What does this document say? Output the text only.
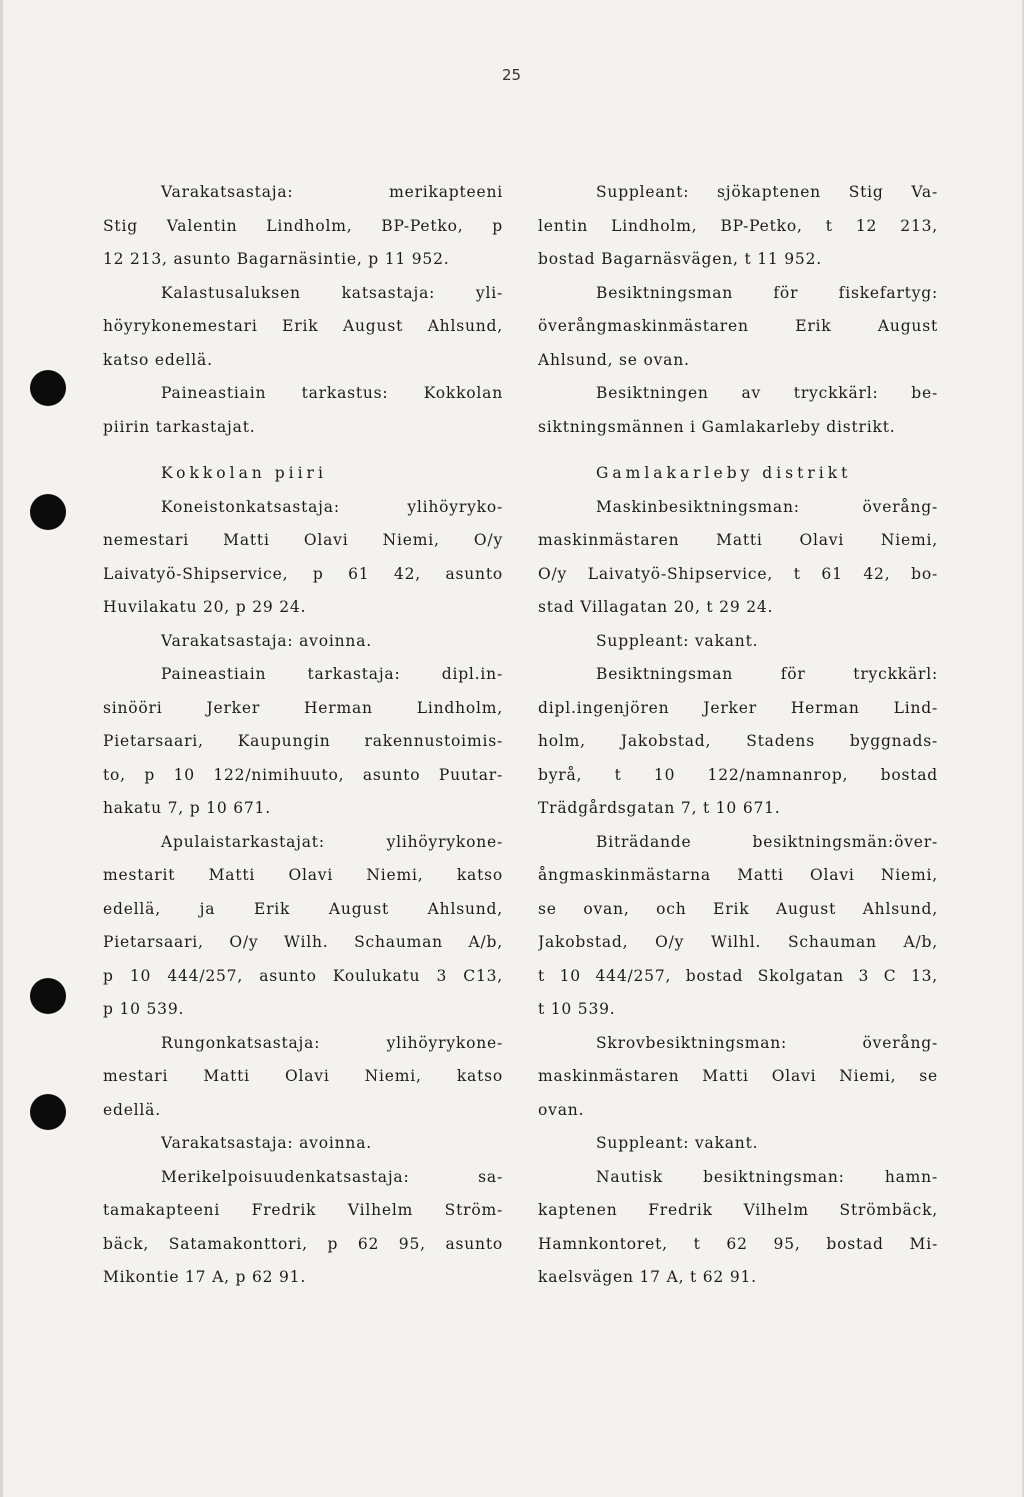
25
Varakatsastaja: merikapteeni
Stig Valentin Lindholm, BP-Petko, p
12 213, asunto Bagarnäsintie, p 11 952.
Kalastusaluksen katsastaja: yli-
höyrykonemestari Erik August Ahlsund,
katso edellä.
Paineastiain tarkastus: Kokkolan
piirin tarkastajat.
Kokkolan piiri
Koneistonkatsastaja: ylihöyryko-
nemestari Matti Olavi Niemi, O/y
Laivatyö-Shipservice, p 61 42, asunto
Huvilakatu 20, p 29 24.
Varakatsastaja: avoinna.
Paineastiain tarkastaja: dipl.in-
sinööri Jerker Herman Lindholm,
Pietarsaari, Kaupungin rakennustoimis-
to, p 10 122/nimihuuto, asunto Puutar-
hakatu 7, p 10 671.
Apulaistarkastajat: ylihöyrykone-
mestarit Matti Olavi Niemi, katso
edellä, ja Erik August Ahlsund,
Pietarsaari, O/y Wilh. Schauman A/b,
p 10 444/257, asunto Koulukatu 3 C13,
p 10 539.
Rungonkatsastaja: ylihöyrykone-
mestari Matti Olavi Niemi, katso
edellä.
Varakatsastaja: avoinna.
Merikelpoisuudenkatsastaja: sa-
tamakapteeni Fredrik Vilhelm Ström-
bäck, Satamakonttori, p 62 95, asunto
Mikontie 17 A, p 62 91.
Suppleant: sjökaptenen Stig Va-
lentin Lindholm, BP-Petko, t 12 213,
bostad Bagarnäsvägen, t 11 952.
Besiktningsman för fiskefartyg:
överångmaskinmästaren Erik August
Ahlsund, se ovan.
Besiktningen av tryckkärl: be-
siktningsmännen i Gamlakarleby distrikt.
Gamlakarleby distrikt
Maskinbesiktningsman: överång-
maskinmästaren Matti Olavi Niemi,
O/y Laivatyö-Shipservice, t 61 42, bo-
stad Villagatan 20, t 29 24.
Suppleant: vakant.
Besiktningsman för tryckkärl:
dipl.ingenjören Jerker Herman Lind-
holm, Jakobstad, Stadens byggnads-
byrå, t 10 122/namnanrop, bostad
Trädgårdsgatan 7, t 10 671.
Biträdande besiktningsmän:över-
ångmaskinmästarna Matti Olavi Niemi,
se ovan, och Erik August Ahlsund,
Jakobstad, O/y Wilhl. Schauman A/b,
t 10 444/257, bostad Skolgatan 3 C 13,
t 10 539.
Skrovbesiktningsman: överång-
maskinmästaren Matti Olavi Niemi, se
ovan.
Suppleant: vakant.
Nautisk besiktningsman: hamn-
kaptenen Fredrik Vilhelm Strömbäck,
Hamnkontoret, t 62 95, bostad Mi-
kaelsvägen 17 A, t 62 91.
